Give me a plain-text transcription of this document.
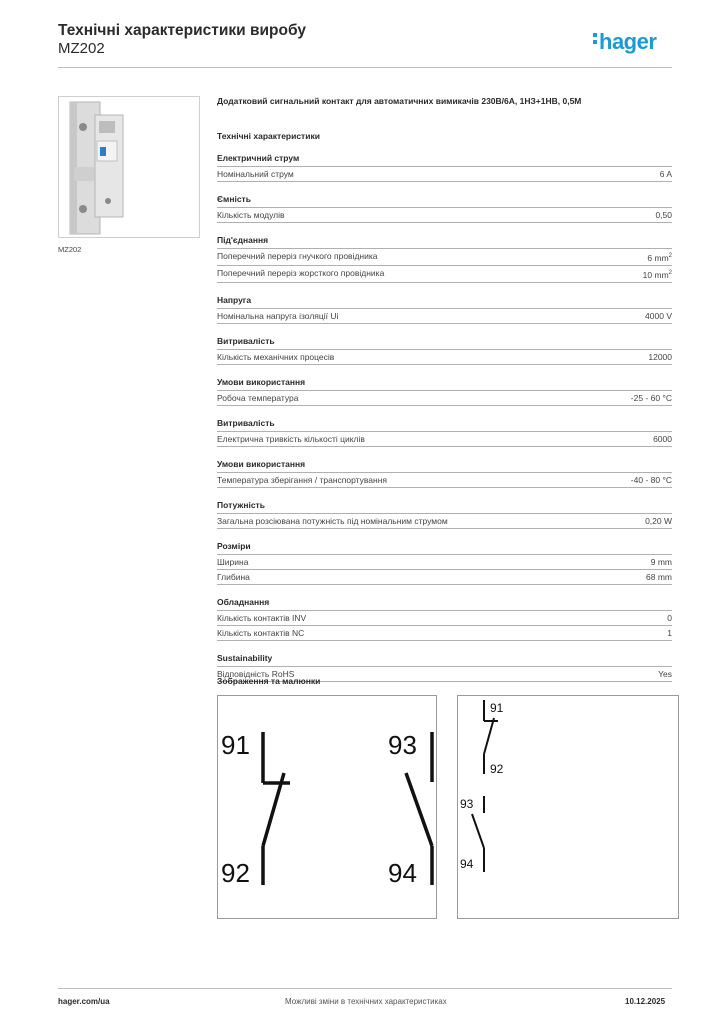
Технічні характеристики виробу
MZ202	hager
MZ202
Додатковий сигнальний контакт для автоматичних вимикачів 230В/6А, 1НЗ+1НВ, 0,5М
Технічні характеристики
Електричний струм
Номінальний струм	6 A
Ємність
Кількість модулів	0,50
Під'єднання
Поперечний переріз гнучкого провідника	6 $mm^2$
Поперечний переріз жорсткого провідника	10 $mm^2$
Напруга
Номінальна напруга ізоляції Ui	4000 V
Витривалість
Кількість механічних процесів	12000
Умови використання
Робоча температура	-25 - 60 °C
Витривалість
Електрична тривкість кількості циклів	6000
Умови використання
Температура зберігання / транспортування	-40 - 80 °C
Потужність
Загальна розсіювана потужність під номінальним струмом	0,20 W
Розміри
Ширина	9 mm
Глибина	68 mm
Обладнання
Кількість контактів INV	0
Кількість контактів NC	1
Sustainability
Відповідність RoHS	Yes
Зображення та малюнки
91
92
93
94
91
92
93
94
hager.com/ua	Можливі зміни в технічних характеристиках	10.12.2025
